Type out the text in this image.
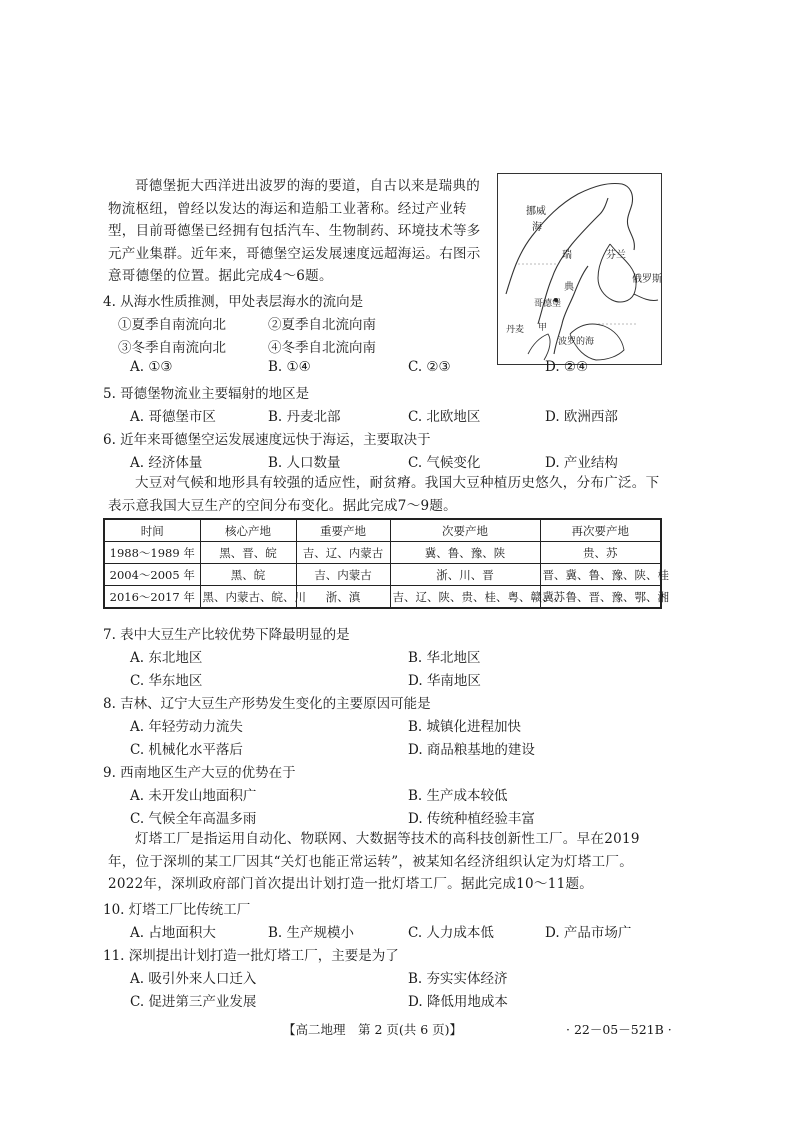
哥德堡扼大西洋进出波罗的海的要道，自古以来是瑞典的物流枢纽，曾经以发达的海运和造船工业著称。经过产业转型，目前哥德堡已经拥有包括汽车、生物制药、环境技术等多元产业集群。近年来，哥德堡空运发展速度远超海运。右图示意哥德堡的位置。据此完成4～6题。
挪威
海
瑞
典
芬兰
俄罗斯
哥德堡
丹麦 甲
波罗的海
4. 从海水性质推测，甲处表层海水的流向是
①夏季自南流向北	②夏季自北流向南
③冬季自南流向北	④冬季自北流向南
A. ①③	B. ①④	C. ②③	D. ②④
5. 哥德堡物流业主要辐射的地区是
A. 哥德堡市区	B. 丹麦北部	C. 北欧地区	D. 欧洲西部
6. 近年来哥德堡空运发展速度远快于海运，主要取决于
A. 经济体量	B. 人口数量	C. 气候变化	D. 产业结构
大豆对气候和地形具有较强的适应性，耐贫瘠。我国大豆种植历史悠久，分布广泛。下表示意我国大豆生产的空间分布变化。据此完成7～9题。
时间	核心产地	重要产地	次要产地	再次要产地
1988～1989 年	黑、晋、皖	吉、辽、内蒙古	冀、鲁、豫、陕	贵、苏
2004～2005 年	黑、皖	吉、内蒙古	浙、川、晋	晋、冀、鲁、豫、陕、桂
2016～2017 年	黑、内蒙古、皖、川	浙、滇	吉、辽、陕、贵、桂、粤、赣、苏	冀、鲁、晋、豫、鄂、湘
7. 表中大豆生产比较优势下降最明显的是
A. 东北地区	B. 华北地区
C. 华东地区	D. 华南地区
8. 吉林、辽宁大豆生产形势发生变化的主要原因可能是
A. 年轻劳动力流失	B. 城镇化进程加快
C. 机械化水平落后	D. 商品粮基地的建设
9. 西南地区生产大豆的优势在于
A. 未开发山地面积广	B. 生产成本较低
C. 气候全年高温多雨	D. 传统种植经验丰富
灯塔工厂是指运用自动化、物联网、大数据等技术的高科技创新性工厂。早在2019年，位于深圳的某工厂因其“关灯也能正常运转”，被某知名经济组织认定为灯塔工厂。2022年，深圳政府部门首次提出计划打造一批灯塔工厂。据此完成10～11题。
10. 灯塔工厂比传统工厂
A. 占地面积大	B. 生产规模小	C. 人力成本低	D. 产品市场广
11. 深圳提出计划打造一批灯塔工厂，主要是为了
A. 吸引外来人口迁入	B. 夯实实体经济
C. 促进第三产业发展	D. 降低用地成本
【高二地理　第 2 页(共 6 页)】	· 22－05－521B ·
